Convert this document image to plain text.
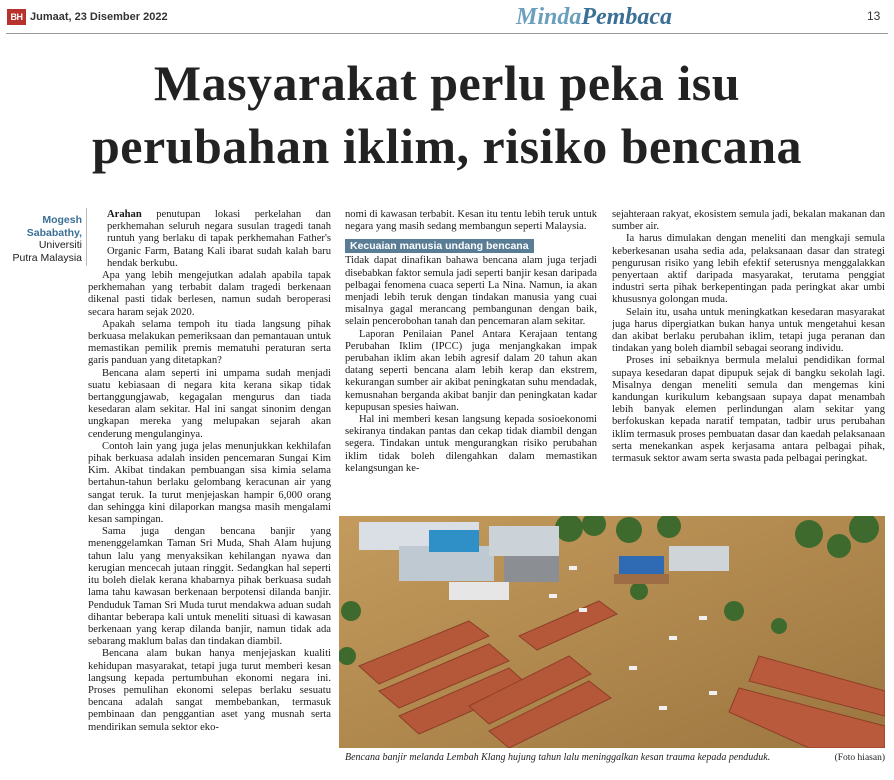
BH Jumaat, 23 Disember 2022	MindaPembaca	13
Masyarakat perlu peka isu
perubahan iklim, risiko bencana
Mogesh
Sababathy,
Universiti
Putra Malaysia

Arahan penutupan lokasi perkelahan dan perkhemahan seluruh negara susulan tragedi tanah runtuh yang berlaku di tapak perkhemahan Father's Organic Farm, Batang Kali ibarat sudah kalah baru hendak berkubu.

Apa yang lebih mengejutkan adalah apabila tapak perkhemahan yang terbabit dalam tragedi berkenaan dikenal pasti tidak berlesen, namun sudah beroperasi secara haram sejak 2020.

Apakah selama tempoh itu tiada langsung pihak berkuasa melakukan pemeriksaan dan pemantauan untuk memastikan pemilik premis mematuhi peraturan serta garis panduan yang ditetapkan?

Bencana alam seperti ini umpama sudah menjadi suatu kebiasaan di negara kita kerana sikap tidak bertanggungjawab, kegagalan mengurus dan tiada kesedaran alam sekitar. Hal ini sangat sinonim dengan ungkapan mereka yang melupakan sejarah akan cenderung mengulanginya.

Contoh lain yang juga jelas menunjukkan kekhilafan pihak berkuasa adalah insiden pencemaran Sungai Kim Kim. Akibat tindakan pembuangan sisa kimia selama bertahun-tahun berlaku gelombang keracunan air yang sangat teruk. Ia turut menjejaskan hampir 6,000 orang dan sehingga kini dilaporkan mangsa masih mengalami kesan sampingan.

Sama juga dengan bencana banjir yang menenggelamkan Taman Sri Muda, Shah Alam hujung tahun lalu yang menyaksikan kehilangan nyawa dan kerugian mencecah jutaan ringgit. Sedangkan hal seperti itu boleh dielak kerana khabarnya pihak berkuasa sudah lama tahu kawasan berkenaan berpotensi dilanda banjir. Penduduk Taman Sri Muda turut mendakwa aduan sudah dihantar beberapa kali untuk meneliti situasi di kawasan berkenaan yang kerap dilanda banjir, namun tidak ada sebarang maklum balas dan tindakan diambil.

Bencana alam bukan hanya menjejaskan kualiti kehidupan masyarakat, tetapi juga turut memberi kesan langsung kepada pertumbuhan ekonomi negara ini. Proses pemulihan ekonomi selepas berlaku sesuatu bencana adalah sangat membebankan, termasuk pembinaan dan penggantian aset yang musnah serta mendirikan semula sektor eko-

nomi di kawasan terbabit. Kesan itu tentu lebih teruk untuk negara yang masih sedang membangun seperti Malaysia.

Kecuaian manusia undang bencana

Tidak dapat dinafikan bahawa bencana alam juga terjadi disebabkan faktor semula jadi seperti banjir kesan daripada pelbagai fenomena cuaca seperti La Nina. Namun, ia akan menjadi lebih teruk dengan tindakan manusia yang cuai misalnya gagal merancang pembangunan dengan baik, selain pencerobohan tanah dan pencemaran alam sekitar.

Laporan Penilaian Panel Antara Kerajaan tentang Perubahan Iklim (IPCC) juga menjangkakan impak perubahan iklim akan lebih agresif dalam 20 tahun akan datang seperti bencana alam lebih kerap dan ekstrem, kekurangan sumber air akibat peningkatan suhu mendadak, kemusnahan berganda akibat banjir dan peningkatan kadar kepupusan spesies haiwan.

Hal ini memberi kesan langsung kepada sosioekonomi sekiranya tindakan pantas dan cekap tidak diambil dengan segera. Tindakan untuk mengurangkan risiko perubahan iklim tidak boleh dilengahkan dalam memastikan kelangsungan ke-

sejahteraan rakyat, ekosistem semula jadi, bekalan makanan dan sumber air.

Ia harus dimulakan dengan meneliti dan mengkaji semula keberkesanan usaha sedia ada, pelaksanaan dasar dan strategi pengurusan risiko yang lebih efektif seterusnya menggalakkan penyertaan aktif daripada masyarakat, terutama penggiat industri serta pihak berkepentingan pada peringkat akar umbi khususnya golongan muda.

Selain itu, usaha untuk meningkatkan kesedaran masyarakat juga harus dipergiatkan bukan hanya untuk mengetahui kesan dan akibat berlaku perubahan iklim, tetapi juga peranan dan tindakan yang boleh diambil sebagai seorang individu.

Proses ini sebaiknya bermula melalui pendidikan formal supaya kesedaran dapat dipupuk sejak di bangku sekolah lagi. Misalnya dengan meneliti semula dan mengemas kini kandungan kurikulum kebangsaan supaya dapat menambah lebih banyak elemen perlindungan alam sekitar yang berfokuskan kepada naratif tempatan, tadbir urus perubahan iklim termasuk proses pembuatan dasar dan kaedah pelaksanaan serta menekankan aspek kerjasama antara pelbagai pihak, termasuk sektor awam serta swasta pada pelbagai peringkat.

Bencana banjir melanda Lembah Klang hujung tahun lalu meninggalkan kesan trauma kepada penduduk.	(Foto hiasan)
